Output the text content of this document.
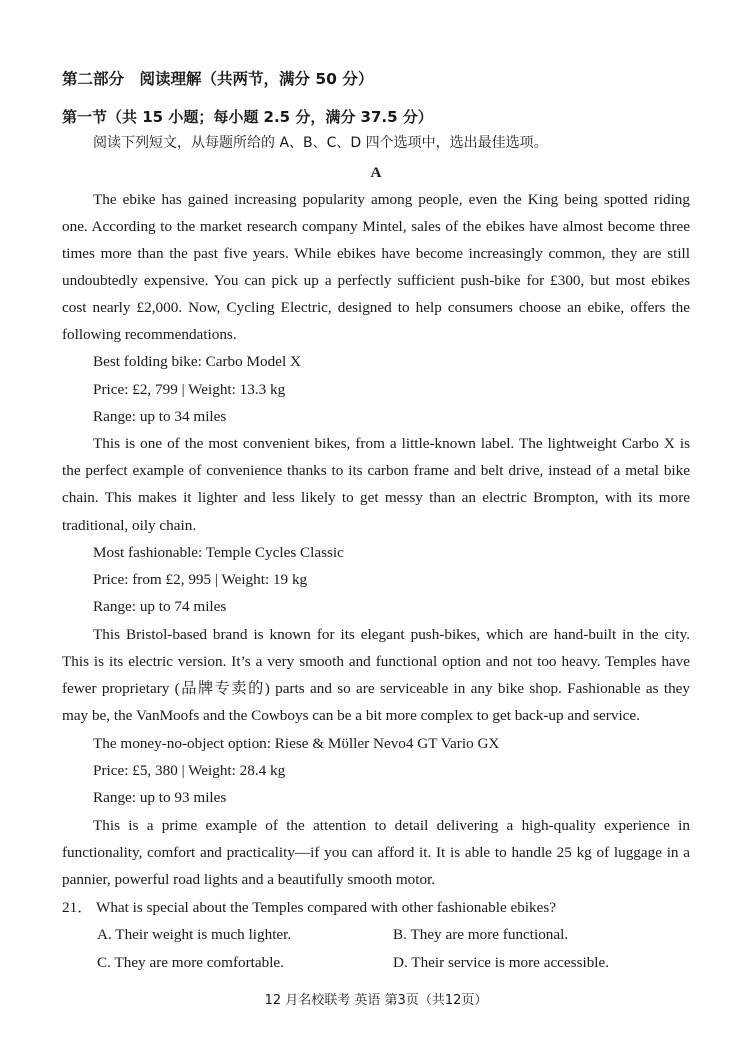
第二部分　阅读理解（共两节，满分 50 分）
第一节（共 15 小题；每小题 2.5 分，满分 37.5 分）
阅读下列短文，从每题所给的 A、B、C、D 四个选项中，选出最佳选项。
A
The ebike has gained increasing popularity among people, even the King being spotted riding
one. According to the market research company Mintel, sales of the ebikes have almost become three
times more than the past five years. While ebikes have become increasingly common, they are still
undoubtedly expensive. You can pick up a perfectly sufficient push-bike for £300, but most ebikes
cost nearly £2,000. Now, Cycling Electric, designed to help consumers choose an ebike, offers the
following recommendations.
Best folding bike: Carbo Model X
Price: £2, 799 | Weight: 13.3 kg
Range: up to 34 miles
This is one of the most convenient bikes, from a little-known label. The lightweight Carbo X is
the perfect example of convenience thanks to its carbon frame and belt drive, instead of a metal bike
chain. This makes it lighter and less likely to get messy than an electric Brompton, with its more
traditional, oily chain.
Most fashionable: Temple Cycles Classic
Price: from £2, 995 | Weight: 19 kg
Range: up to 74 miles
This Bristol-based brand is known for its elegant push-bikes, which are hand-built in the city.
This is its electric version. It’s a very smooth and functional option and not too heavy. Temples have
fewer proprietary (品牌专卖的) parts and so are serviceable in any bike shop. Fashionable as they
may be, the VanMoofs and the Cowboys can be a bit more complex to get back-up and service.
The money-no-object option: Riese & Mϋller Nevo4 GT Vario GX
Price: £5, 380 | Weight: 28.4 kg
Range: up to 93 miles
This is a prime example of the attention to detail delivering a high-quality experience in
functionality, comfort and practicality—if you can afford it. It is able to handle 25 kg of luggage in a
pannier, powerful road lights and a beautifully smooth motor.
21． What is special about the Temples compared with other fashionable ebikes?
A. Their weight is much lighter.	B. They are more functional.
C. They are more comfortable.	D. Their service is more accessible.
12 月名校联考 英语 第3页（共12页）
